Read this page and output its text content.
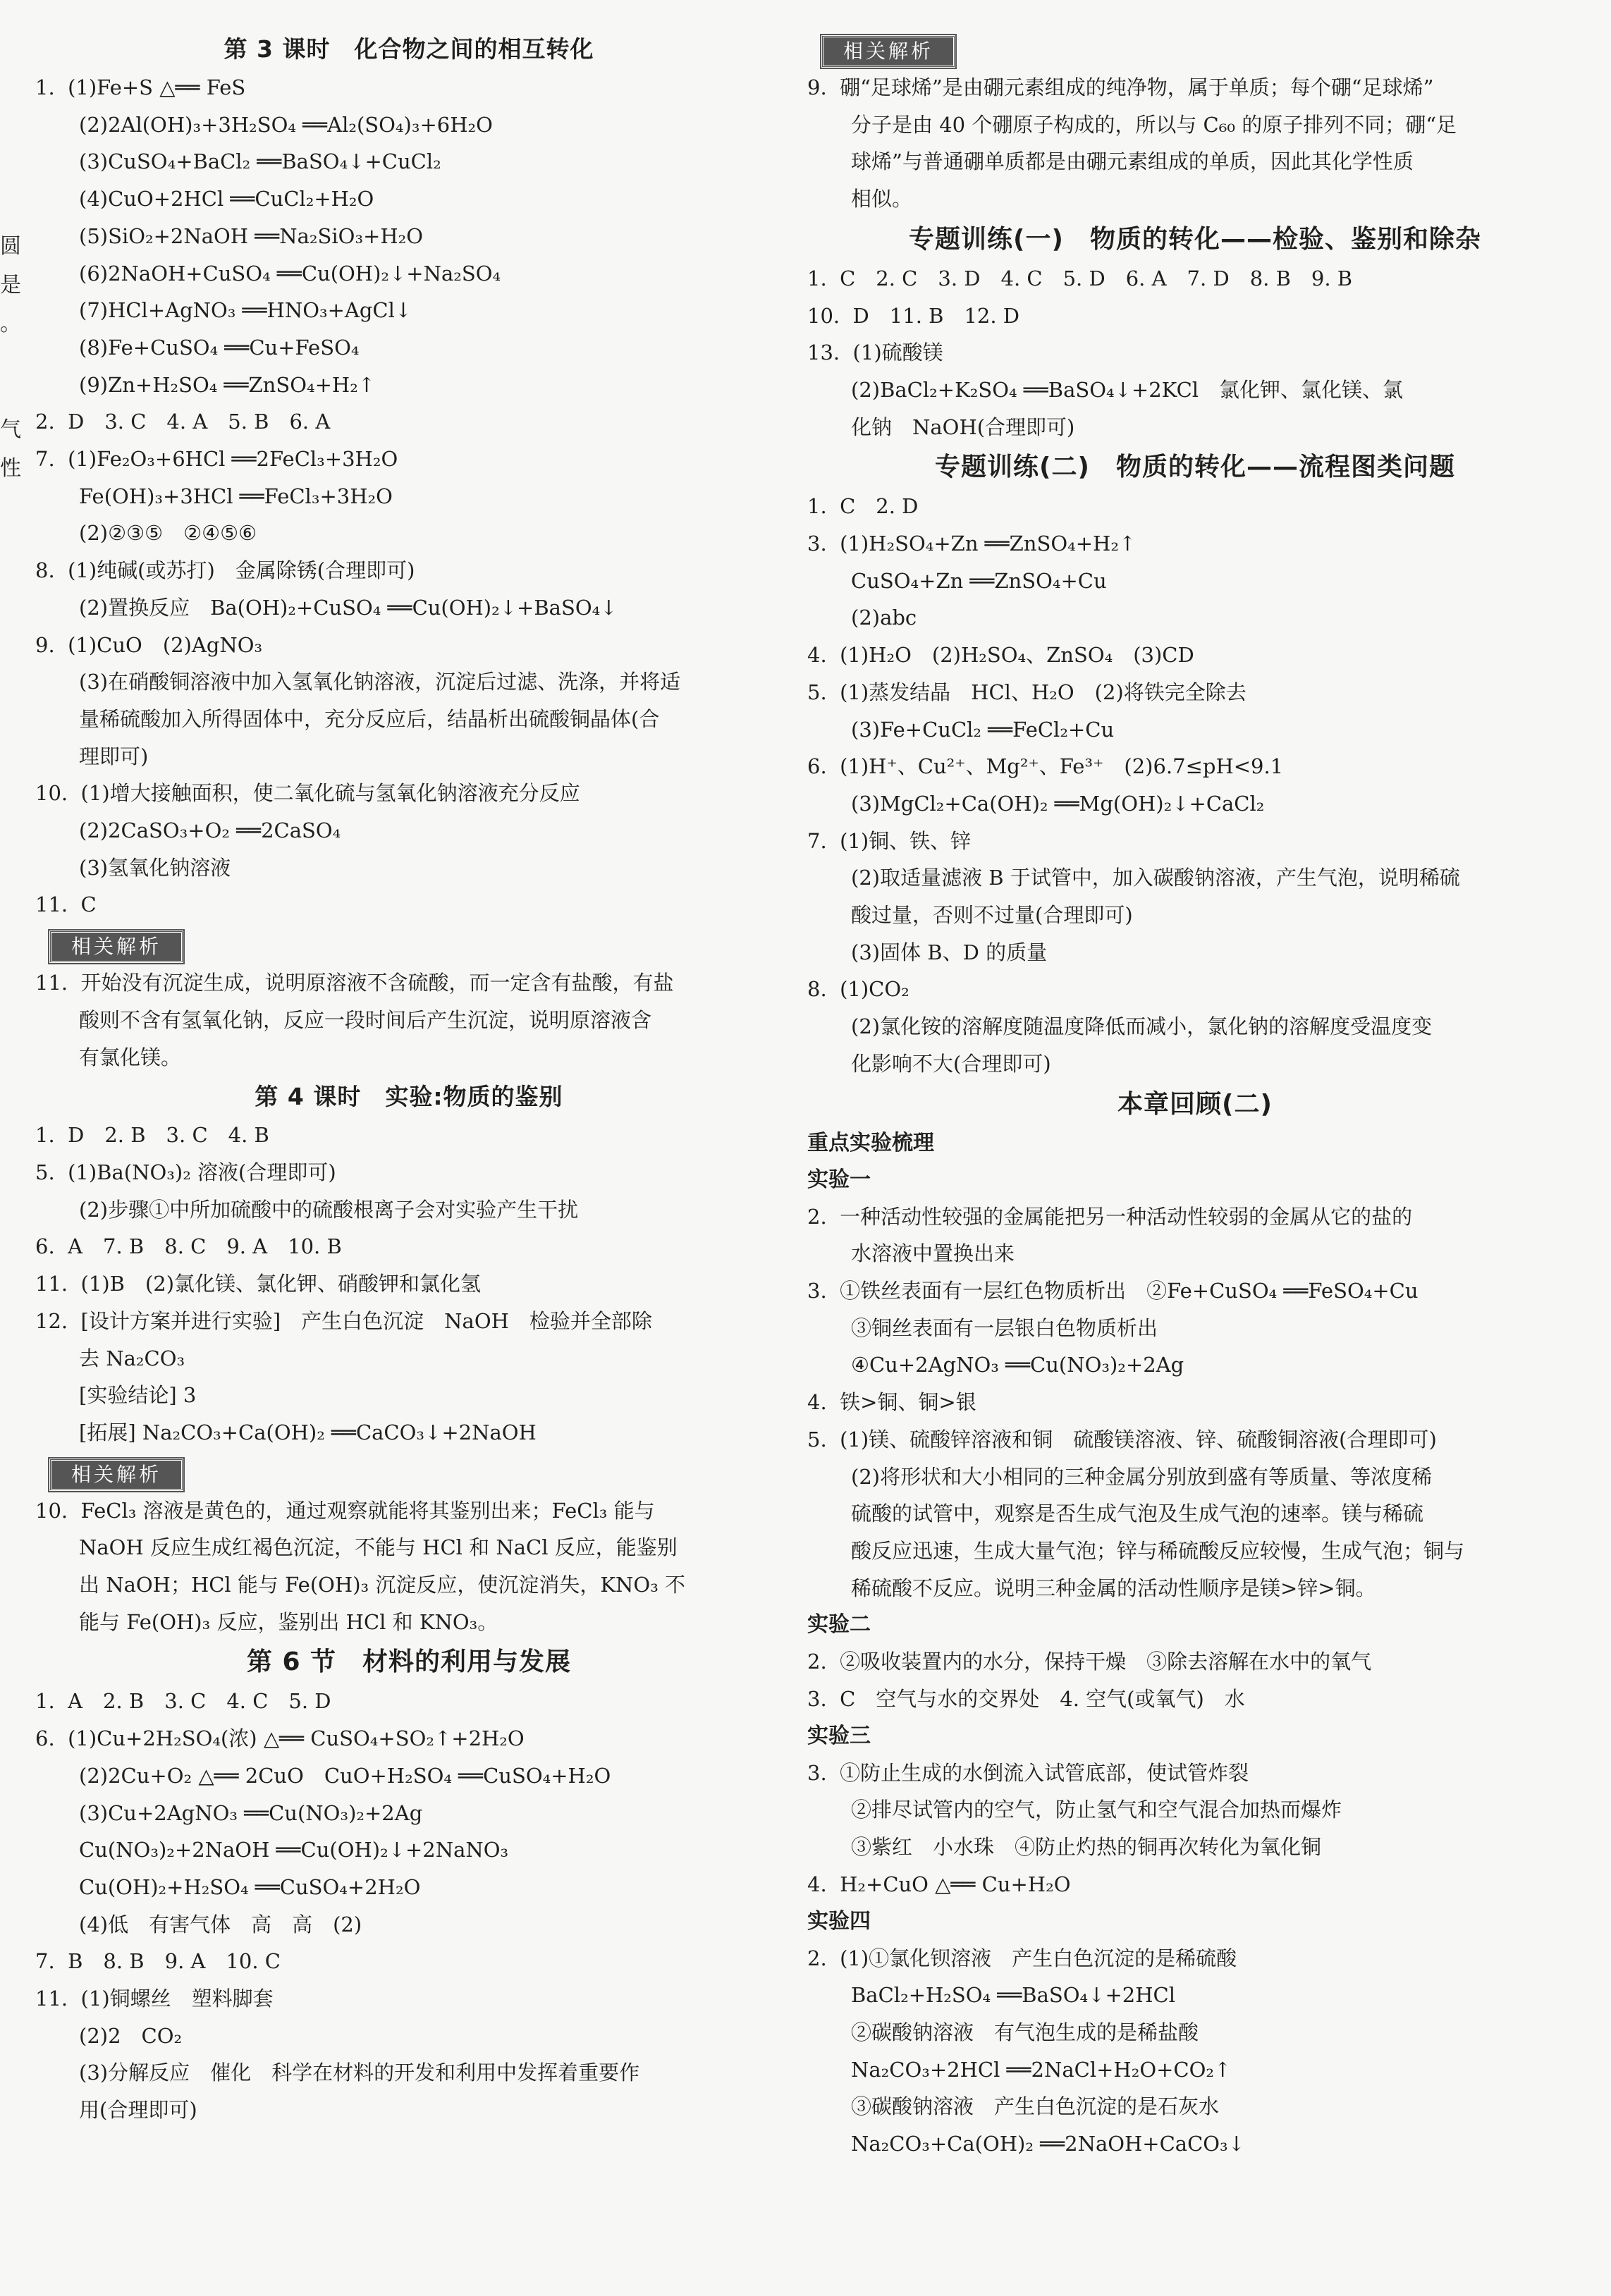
圆
是
。
气
性
第 3 课时　化合物之间的相互转化
1.  (1)Fe+S △══ FeS
(2)2Al(OH)₃+3H₂SO₄ ══Al₂(SO₄)₃+6H₂O
(3)CuSO₄+BaCl₂ ══BaSO₄↓+CuCl₂
(4)CuO+2HCl ══CuCl₂+H₂O
(5)SiO₂+2NaOH ══Na₂SiO₃+H₂O
(6)2NaOH+CuSO₄ ══Cu(OH)₂↓+Na₂SO₄
(7)HCl+AgNO₃ ══HNO₃+AgCl↓
(8)Fe+CuSO₄ ══Cu+FeSO₄
(9)Zn+H₂SO₄ ══ZnSO₄+H₂↑
2.  D　3. C　4. A　5. B　6. A
7.  (1)Fe₂O₃+6HCl ══2FeCl₃+3H₂O
Fe(OH)₃+3HCl ══FeCl₃+3H₂O
(2)②③⑤　②④⑤⑥
8.  (1)纯碱(或苏打)　金属除锈(合理即可)
(2)置换反应　Ba(OH)₂+CuSO₄ ══Cu(OH)₂↓+BaSO₄↓
9.  (1)CuO　(2)AgNO₃
(3)在硝酸铜溶液中加入氢氧化钠溶液，沉淀后过滤、洗涤，并将适
量稀硫酸加入所得固体中，充分反应后，结晶析出硫酸铜晶体(合
理即可)
10.  (1)增大接触面积，使二氧化硫与氢氧化钠溶液充分反应
(2)2CaSO₃+O₂ ══2CaSO₄
(3)氢氧化钠溶液
11.  C
相关解析
11.  开始没有沉淀生成，说明原溶液不含硫酸，而一定含有盐酸，有盐
酸则不含有氢氧化钠，反应一段时间后产生沉淀，说明原溶液含
有氯化镁。
第 4 课时　实验:物质的鉴别
1.  D　2. B　3. C　4. B
5.  (1)Ba(NO₃)₂ 溶液(合理即可)
(2)步骤①中所加硫酸中的硫酸根离子会对实验产生干扰
6.  A　7. B　8. C　9. A　10. B
11.  (1)B　(2)氯化镁、氯化钾、硝酸钾和氯化氢
12.  [设计方案并进行实验]　产生白色沉淀　NaOH　检验并全部除
去 Na₂CO₃
[实验结论] 3
[拓展] Na₂CO₃+Ca(OH)₂ ══CaCO₃↓+2NaOH
相关解析
10.  FeCl₃ 溶液是黄色的，通过观察就能将其鉴别出来；FeCl₃ 能与
NaOH 反应生成红褐色沉淀，不能与 HCl 和 NaCl 反应，能鉴别
出 NaOH；HCl 能与 Fe(OH)₃ 沉淀反应，使沉淀消失，KNO₃ 不
能与 Fe(OH)₃ 反应，鉴别出 HCl 和 KNO₃。
第 6 节　材料的利用与发展
1.  A　2. B　3. C　4. C　5. D
6.  (1)Cu+2H₂SO₄(浓) △══ CuSO₄+SO₂↑+2H₂O
(2)2Cu+O₂ △══ 2CuO　CuO+H₂SO₄ ══CuSO₄+H₂O
(3)Cu+2AgNO₃ ══Cu(NO₃)₂+2Ag
Cu(NO₃)₂+2NaOH ══Cu(OH)₂↓+2NaNO₃
Cu(OH)₂+H₂SO₄ ══CuSO₄+2H₂O
(4)低　有害气体　高　高　(2)
7.  B　8. B　9. A　10. C
11.  (1)铜螺丝　塑料脚套
(2)2　CO₂
(3)分解反应　催化　科学在材料的开发和利用中发挥着重要作
用(合理即可)
相关解析
9.  硼“足球烯”是由硼元素组成的纯净物，属于单质；每个硼“足球烯”
分子是由 40 个硼原子构成的，所以与 C₆₀ 的原子排列不同；硼“足
球烯”与普通硼单质都是由硼元素组成的单质，因此其化学性质
相似。
专题训练(一)　物质的转化——检验、鉴别和除杂
1.  C　2. C　3. D　4. C　5. D　6. A　7. D　8. B　9. B
10.  D　11. B　12. D
13.  (1)硫酸镁
(2)BaCl₂+K₂SO₄ ══BaSO₄↓+2KCl　氯化钾、氯化镁、氯
化钠　NaOH(合理即可)
专题训练(二)　物质的转化——流程图类问题
1.  C　2. D
3.  (1)H₂SO₄+Zn ══ZnSO₄+H₂↑
CuSO₄+Zn ══ZnSO₄+Cu
(2)abc
4.  (1)H₂O　(2)H₂SO₄、ZnSO₄　(3)CD
5.  (1)蒸发结晶　HCl、H₂O　(2)将铁完全除去
(3)Fe+CuCl₂ ══FeCl₂+Cu
6.  (1)H⁺、Cu²⁺、Mg²⁺、Fe³⁺　(2)6.7≤pH<9.1
(3)MgCl₂+Ca(OH)₂ ══Mg(OH)₂↓+CaCl₂
7.  (1)铜、铁、锌
(2)取适量滤液 B 于试管中，加入碳酸钠溶液，产生气泡，说明稀硫
酸过量，否则不过量(合理即可)
(3)固体 B、D 的质量
8.  (1)CO₂
(2)氯化铵的溶解度随温度降低而减小，氯化钠的溶解度受温度变
化影响不大(合理即可)
本章回顾(二)
重点实验梳理
实验一
2.  一种活动性较强的金属能把另一种活动性较弱的金属从它的盐的
水溶液中置换出来
3.  ①铁丝表面有一层红色物质析出　②Fe+CuSO₄ ══FeSO₄+Cu
③铜丝表面有一层银白色物质析出
④Cu+2AgNO₃ ══Cu(NO₃)₂+2Ag
4.  铁>铜、铜>银
5.  (1)镁、硫酸锌溶液和铜　硫酸镁溶液、锌、硫酸铜溶液(合理即可)
(2)将形状和大小相同的三种金属分别放到盛有等质量、等浓度稀
硫酸的试管中，观察是否生成气泡及生成气泡的速率。镁与稀硫
酸反应迅速，生成大量气泡；锌与稀硫酸反应较慢，生成气泡；铜与
稀硫酸不反应。说明三种金属的活动性顺序是镁>锌>铜。
实验二
2.  ②吸收装置内的水分，保持干燥　③除去溶解在水中的氧气
3.  C　空气与水的交界处　4. 空气(或氧气)　水
实验三
3.  ①防止生成的水倒流入试管底部，使试管炸裂
②排尽试管内的空气，防止氢气和空气混合加热而爆炸
③紫红　小水珠　④防止灼热的铜再次转化为氧化铜
4.  H₂+CuO △══ Cu+H₂O
实验四
2.  (1)①氯化钡溶液　产生白色沉淀的是稀硫酸
BaCl₂+H₂SO₄ ══BaSO₄↓+2HCl
②碳酸钠溶液　有气泡生成的是稀盐酸
Na₂CO₃+2HCl ══2NaCl+H₂O+CO₂↑
③碳酸钠溶液　产生白色沉淀的是石灰水
Na₂CO₃+Ca(OH)₂ ══2NaOH+CaCO₃↓
